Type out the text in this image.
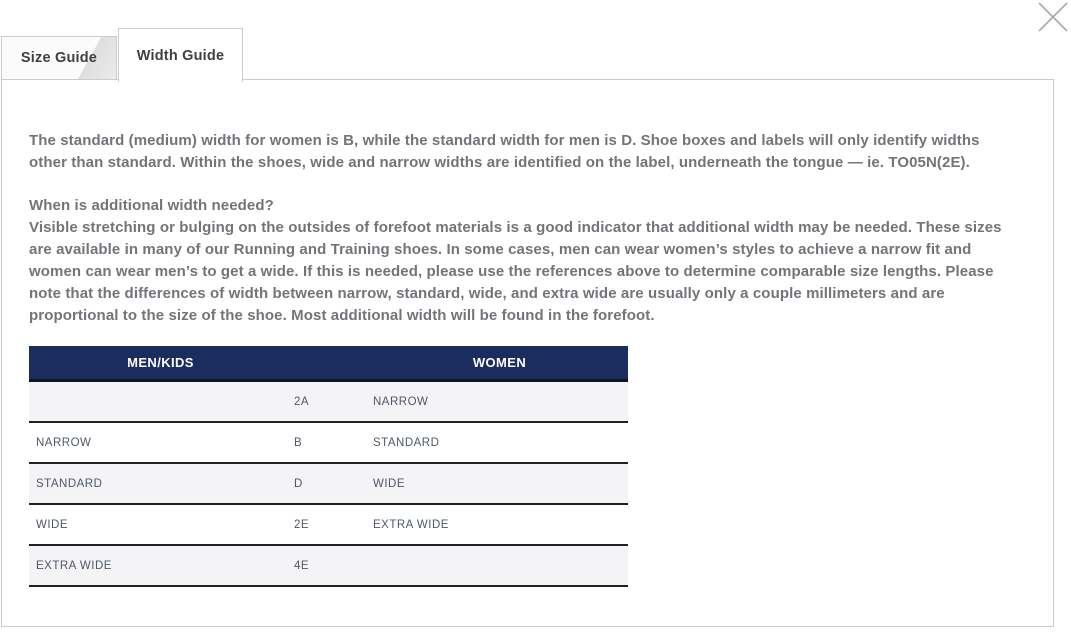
Size Guide	Width Guide

The standard (medium) width for women is B, while the standard width for men is D. Shoe boxes and labels will only identify widths other than standard. Within the shoes, wide and narrow widths are identified on the label, underneath the tongue — ie. TO05N(2E).

When is additional width needed?

Visible stretching or bulging on the outsides of forefoot materials is a good indicator that additional width may be needed. These sizes are available in many of our Running and Training shoes. In some cases, men can wear women’s styles to achieve a narrow fit and women can wear men’s to get a wide. If this is needed, please use the references above to determine comparable size lengths. Please note that the differences of width between narrow, standard, wide, and extra wide are usually only a couple millimeters and are proportional to the size of the shoe. Most additional width will be found in the forefoot.

MEN/KIDS		WOMEN
	2A	NARROW
NARROW	B	STANDARD
STANDARD	D	WIDE
WIDE	2E	EXTRA WIDE
EXTRA WIDE	4E	
